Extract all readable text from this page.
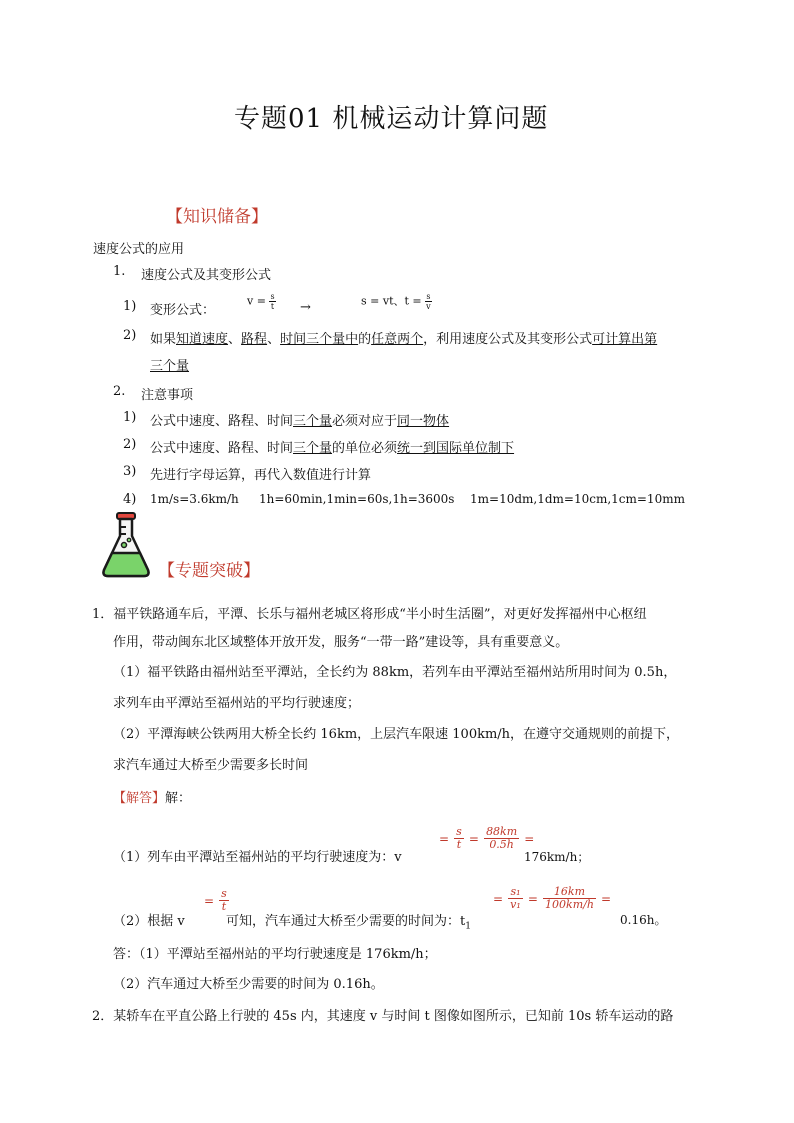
专题01 机械运动计算问题
【知识储备】
速度公式的应用
1. 速度公式及其变形公式
1) 变形公式：
$v = \frac{s}{t}$ →	s = vt、$t = \frac{s}{v}$
2) 如果知道速度、路程、时间三个量中的任意两个，利用速度公式及其变形公式可计算出第
三个量
2. 注意事项
1) 公式中速度、路程、时间三个量必须对应于同一物体
2) 公式中速度、路程、时间三个量的单位必须统一到国际单位制下
3) 先进行字母运算，再代入数值进行计算
4) 1m/s=3.6km/h 1h=60min,1min=60s,1h=3600s 1m=10dm,1dm=10cm,1cm=10mm
【专题突破】
1．福平铁路通车后，平潭、长乐与福州老城区将形成“半小时生活圈”，对更好发挥福州中心枢纽
作用，带动闽东北区域整体开放开发，服务“一带一路”建设等，具有重要意义。
（1）福平铁路由福州站至平潭站，全长约为 88km，若列车由平潭站至福州站所用时间为 0.5h，
求列车由平潭站至福州站的平均行驶速度；
（2）平潭海峡公铁两用大桥全长约 16km，上层汽车限速 100km/h，在遵守交通规则的前提下，
求汽车通过大桥至少需要多长时间
【解答】解：
（1）列车由平潭站至福州站的平均行驶速度为：v
= $\frac{s}{t} = \frac{88km}{0.5h}$ =
176km/h；
（2）根据 v
= $\frac{s}{t}$
可知，汽车通过大桥至少需要的时间为：$t_1$
= $\frac{\text{s₁}}{\text{v₁}} = \frac{16km}{100km/h}$ =
0.16h。
答：（1）平潭站至福州站的平均行驶速度是 176km/h；
（2）汽车通过大桥至少需要的时间为 0.16h。
2．某轿车在平直公路上行驶的 45s 内，其速度 v 与时间 t 图像如图所示，已知前 10s 轿车运动的路
